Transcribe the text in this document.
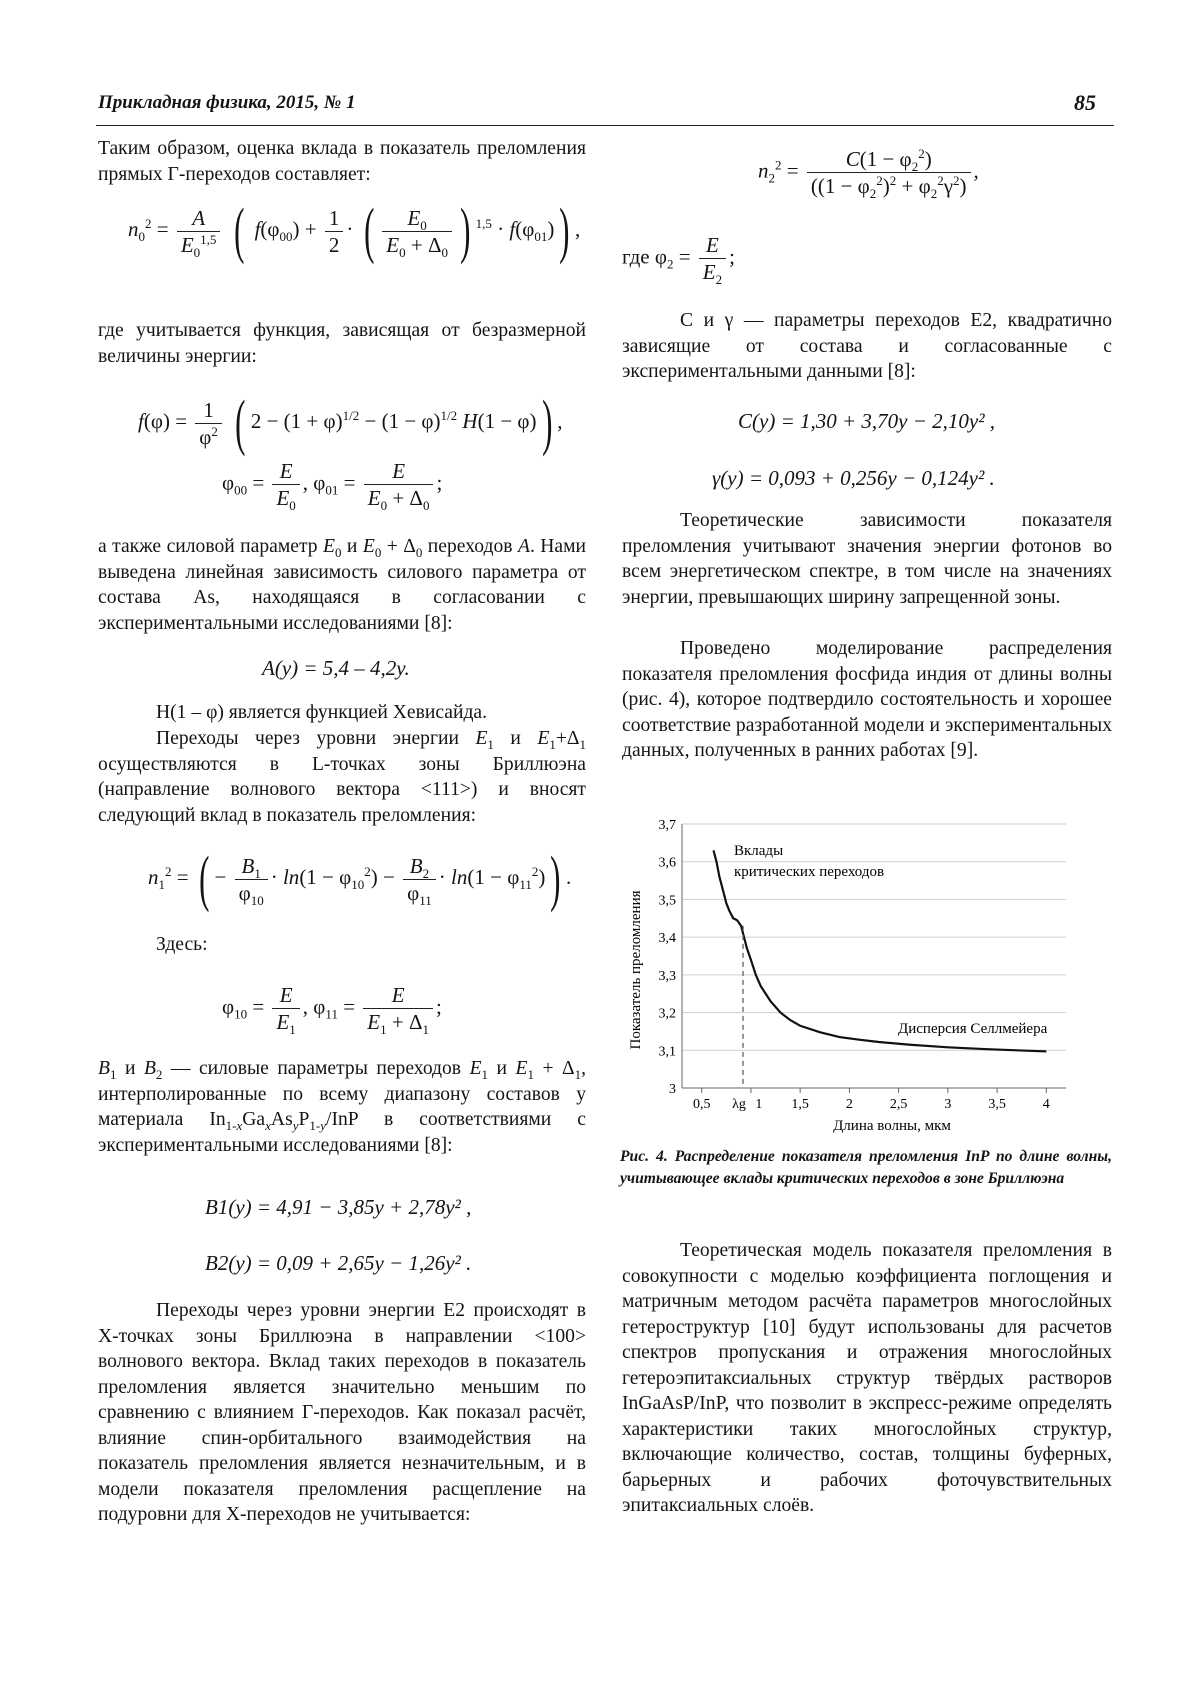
Прикладная физика, 2015, № 1	85

Таким образом, оценка вклада в показатель преломления прямых Г-переходов составляет:

$n_0^2 = \frac{A}{E_0^{1,5}}$ ( $f(\varphi_{00}) + \frac{1}{2}$ · ( $\frac{E_0}{E_0 + \Delta_0}$ ) $^{1,5} \cdot f(\varphi_{01})$) ,

где учитывается функция, зависящая от безразмерной величины энергии:

$f(\varphi) = \frac{1}{\varphi^2}$ ( $2 - (1 + \varphi)^{1/2} - (1 - \varphi)^{1/2}$ H(1 − φ)) ,
$\varphi_{00} = \frac{E}{E_0}$ , $\varphi_{01} = \frac{E}{E_0 + \Delta_0}$ ;

а также силовой параметр $E_0$ и $E_0 + \Delta_0$ переходов A. Нами выведена линейная зависимость силового параметра от состава As, находящаяся в согласовании с экспериментальными исследованиями [8]:

A(y) = 5,4 – 4,2y.

H(1 – φ) является функцией Хевисайда.

Переходы через уровни энергии $E_1$ и $E_1+\Delta_1$ осуществляются в L-точках зоны Бриллюэна (направление волнового вектора <111>) и вносят следующий вклад в показатель преломления:

$n_1^2$ = ( − $\frac{B_1}{\varphi_{10}} \cdot \ln(1 - \varphi_{10}^2) - \frac{B_2}{\varphi_{11}} \cdot \ln(1 - \varphi_{11}^2)$) .

Здесь:

$\varphi_{10} = \frac{E}{E_1}$ , $\varphi_{11} = \frac{E}{E_1 + \Delta_1}$ ;

$B_1$ и $B_2$ — силовые параметры переходов $E_1$ и $E_1 + \Delta_1$, интерполированные по всему диапазону составов у материала $In_{1-x}Ga_xAs_yP_{1-y}$/InP в соответствиями с экспериментальными исследованиями [8]:

B1(y) = 4,91 − 3,85y + 2,78y² ,
B2(y) = 0,09 + 2,65y − 1,26y² .

Переходы через уровни энергии E2 происходят в X-точках зоны Бриллюэна в направлении <100> волнового вектора. Вклад таких переходов в показатель преломления является значительно меньшим по сравнению с влиянием Г-переходов. Как показал расчёт, влияние спин-орбитального взаимодействия на показатель преломления является незначительным, и в модели показателя преломления расщепление на подуровни для X-переходов не учитывается:

$n_2^2 = \frac{C(1 - \varphi_2^2)}{((1 - \varphi_2^2)^2 + \varphi_2^2\gamma^2)}$ ,
где $\varphi_2 = \frac{E}{E_2}$ ;

C и γ — параметры переходов E2, квадратично зависящие от состава и согласованные с экспериментальными данными [8]:

C(y) = 1,30 + 3,70y − 2,10y² ,
γ(y) = 0,093 + 0,256y − 0,124y² .

Теоретические зависимости показателя преломления учитывают значения энергии фотонов во всем энергетическом спектре, в том числе на значениях энергии, превышающих ширину запрещенной зоны.

Проведено моделирование распределения показателя преломления фосфида индия от длины волны (рис. 4), которое подтвердило состоятельность и хорошее соответствие разработанной модели и экспериментальных данных, полученных в ранних работах [9].

3
3,1
3,2
3,3
3,4
3,5
3,6
3,7
0,5	1 1,5	2	2,5	3	3,5	4
λg
Показатель преломления
Длина волны, мкм
Вклады
критических переходов
Дисперсия Селлмейера
Рис. 4. Распределение показателя преломления InP по длине волны, учитывающее вклады критических переходов в зоне Бриллюэна

Теоретическая модель показателя преломления в совокупности с моделью коэффициента поглощения и матричным методом расчёта параметров многослойных гетероструктур [10] будут использованы для расчетов спектров пропускания и отражения многослойных гетероэпитаксиальных структур твёрдых растворов InGaAsP/InP, что позволит в экспресс-режиме определять характеристики таких многослойных структур, включающие количество, состав, толщины буферных, барьерных и рабочих фоточувствительных эпитаксиальных слоёв.
